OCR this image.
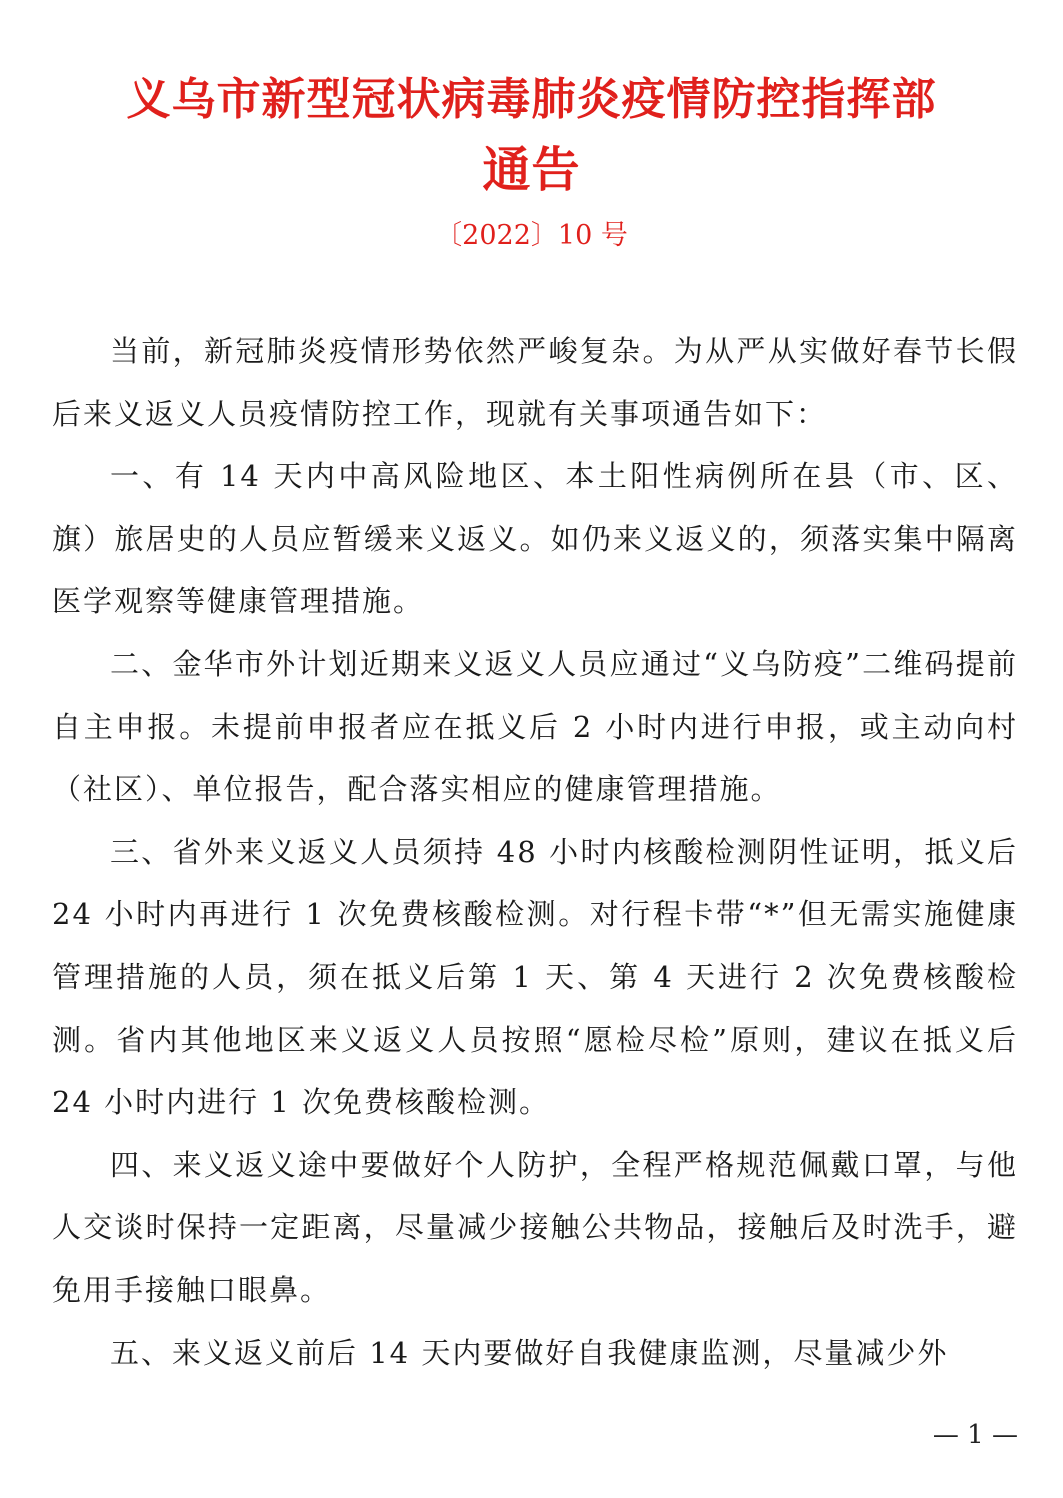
义乌市新型冠状病毒肺炎疫情防控指挥部
通告
〔2022〕10 号

当前，新冠肺炎疫情形势依然严峻复杂。为从严从实做好春节长假后来义返义人员疫情防控工作，现就有关事项通告如下：

一、有 14 天内中高风险地区、本土阳性病例所在县（市、区、旗）旅居史的人员应暂缓来义返义。如仍来义返义的，须落实集中隔离医学观察等健康管理措施。

二、金华市外计划近期来义返义人员应通过“义乌防疫”二维码提前自主申报。未提前申报者应在抵义后 2 小时内进行申报，或主动向村（社区）、单位报告，配合落实相应的健康管理措施。

三、省外来义返义人员须持 48 小时内核酸检测阴性证明，抵义后 24 小时内再进行 1 次免费核酸检测。对行程卡带“*”但无需实施健康管理措施的人员，须在抵义后第 1 天、第 4 天进行 2 次免费核酸检测。省内其他地区来义返义人员按照“愿检尽检”原则，建议在抵义后 24 小时内进行 1 次免费核酸检测。

四、来义返义途中要做好个人防护，全程严格规范佩戴口罩，与他人交谈时保持一定距离，尽量减少接触公共物品，接触后及时洗手，避免用手接触口眼鼻。

五、来义返义前后 14 天内要做好自我健康监测，尽量减少外

— 1 —
